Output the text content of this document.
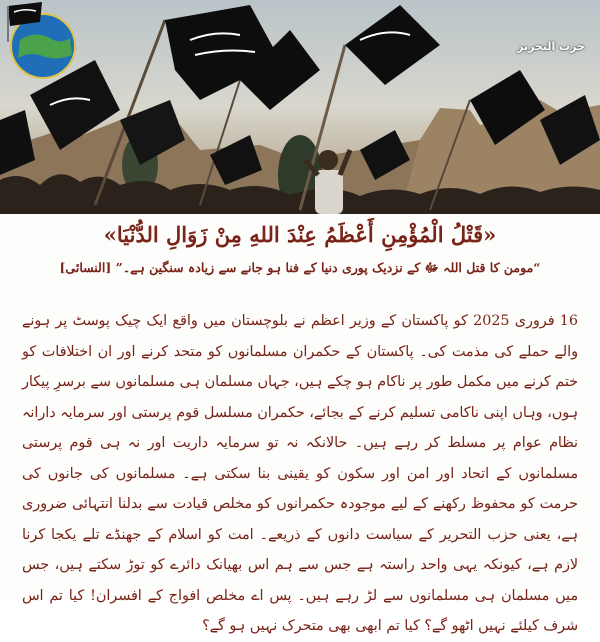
حزب التحریر
«قَتْلُ الْمُؤْمِنِ أَعْظَمُ عِنْدَ اللهِ مِنْ زَوَالِ الدُّنْيَا»
“مومن کا قتل اللہ ﷻ کے نزدیک پوری دنیا کے فنا ہو جانے سے زیادہ سنگین ہے۔” [النسائی]
16 فروری 2025 کو پاکستان کے وزیر اعظم نے بلوچستان میں واقع ایک چیک پوسٹ پر ہونے والے حملے کی مذمت کی۔ پاکستان کے حکمران مسلمانوں کو متحد کرنے اور ان اختلافات کو ختم کرنے میں مکمل طور پر ناکام ہو چکے ہیں، جہاں مسلمان ہی مسلمانوں سے برسرِ پیکار ہوں، وہاں اپنی ناکامی تسلیم کرنے کے بجائے، حکمران مسلسل قوم پرستی اور سرمایہ دارانہ نظام عوام پر مسلط کر رہے ہیں۔ حالانکہ نہ تو سرمایہ داریت اور نہ ہی قوم پرستی مسلمانوں کے اتحاد اور امن اور سکون کو یقینی بنا سکتی ہے۔ مسلمانوں کی جانوں کی حرمت کو محفوظ رکھنے کے لیے موجودہ حکمرانوں کو مخلص قیادت سے بدلنا انتہائی ضروری ہے، یعنی حزب التحریر کے سیاست دانوں کے ذریعے۔ امت کو اسلام کے جھنڈے تلے یکجا کرنا لازم ہے، کیونکہ یہی واحد راستہ ہے جس سے ہم اس بھیانک دائرے کو توڑ سکتے ہیں، جس میں مسلمان ہی مسلمانوں سے لڑ رہے ہیں۔ پس اے مخلص افواج کے افسران! کیا تم اس شرف کیلئے نہیں اٹھو گے؟ کیا تم ابھی بھی متحرک نہیں ہو گے؟
